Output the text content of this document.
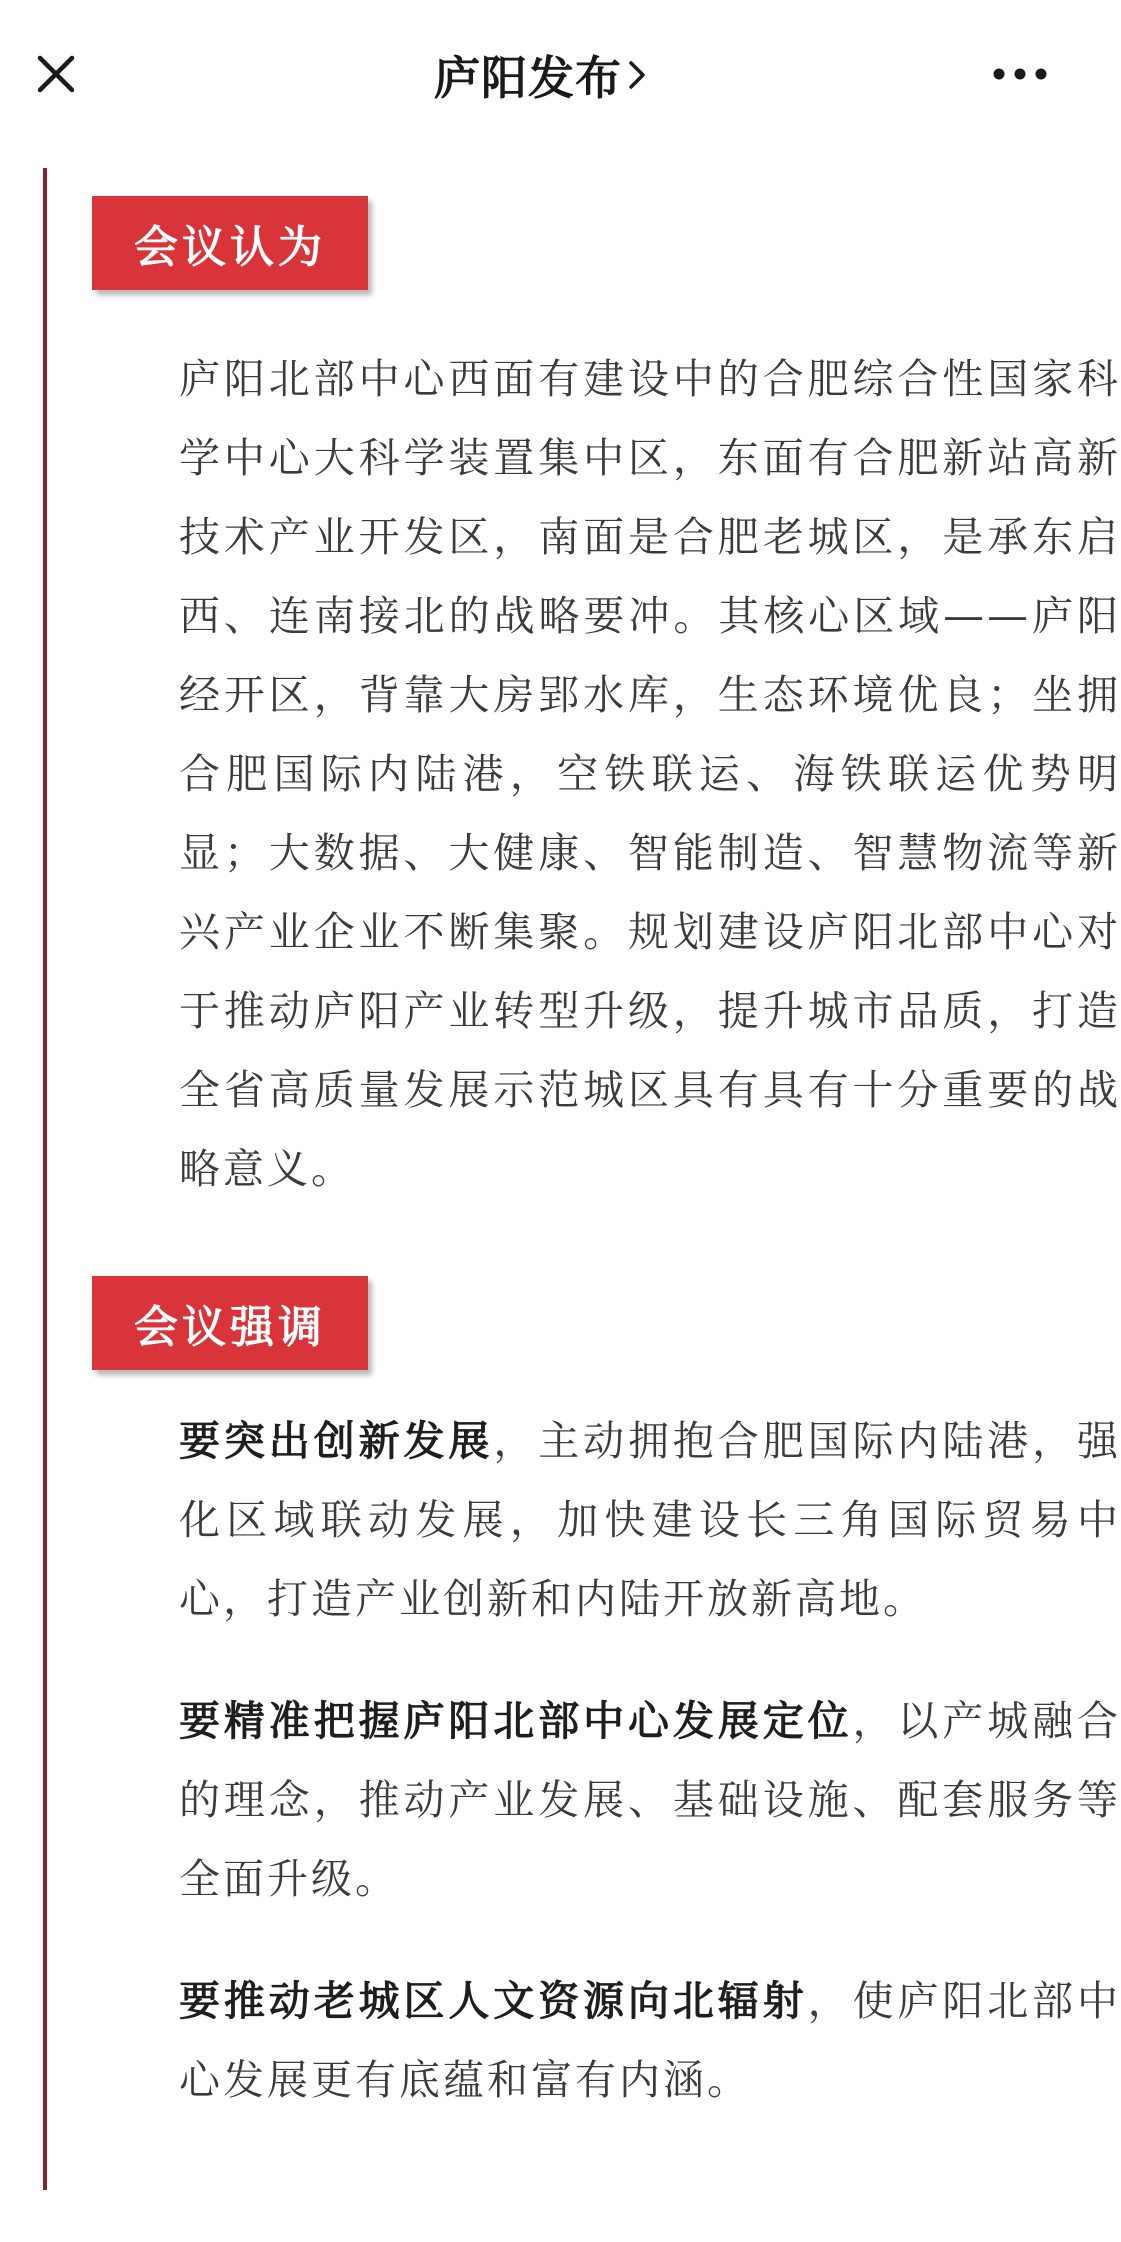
庐阳发布
会议认为

庐阳北部中心西面有建设中的合肥综合性国家科学中心大科学装置集中区，东面有合肥新站高新技术产业开发区，南面是合肥老城区，是承东启西、连南接北的战略要冲。其核心区域——庐阳经开区，背靠大房郢水库，生态环境优良；坐拥合肥国际内陆港，空铁联运、海铁联运优势明显；大数据、大健康、智能制造、智慧物流等新兴产业企业不断集聚。规划建设庐阳北部中心对于推动庐阳产业转型升级，提升城市品质，打造全省高质量发展示范城区具有具有十分重要的战略意义。

会议强调

要突出创新发展，主动拥抱合肥国际内陆港，强化区域联动发展，加快建设长三角国际贸易中心，打造产业创新和内陆开放新高地。

要精准把握庐阳北部中心发展定位，以产城融合的理念，推动产业发展、基础设施、配套服务等全面升级。

要推动老城区人文资源向北辐射，使庐阳北部中心发展更有底蕴和富有内涵。
